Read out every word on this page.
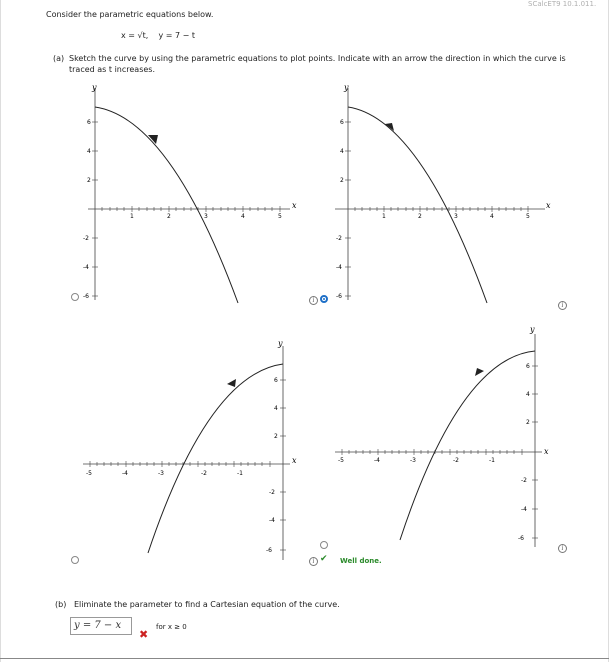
SCalcET9 10.1.011.
Consider the parametric equations below.
x = √t, y = 7 − t
(a) Sketch the curve by using the parametric equations to plot points. Indicate with an arrow the direction in which the curve is traced as t increases.
y
x
1	2	3	4	5
6
4
2
-2
-4
-6
y
x
1	2	3	4	5
6
4
2
-2
-4
-6
i
i
y
x
-5	-4	-3	-2	-1
6
4
2
-2
-4
-6
y
x
-5	-4	-3	-2	-1
6
4
2
-2
-4
-6
i ✔ Well done.
i
(b) Eliminate the parameter to find a Cartesian equation of the curve.
y = 7 − x
✖
for x ≥ 0
